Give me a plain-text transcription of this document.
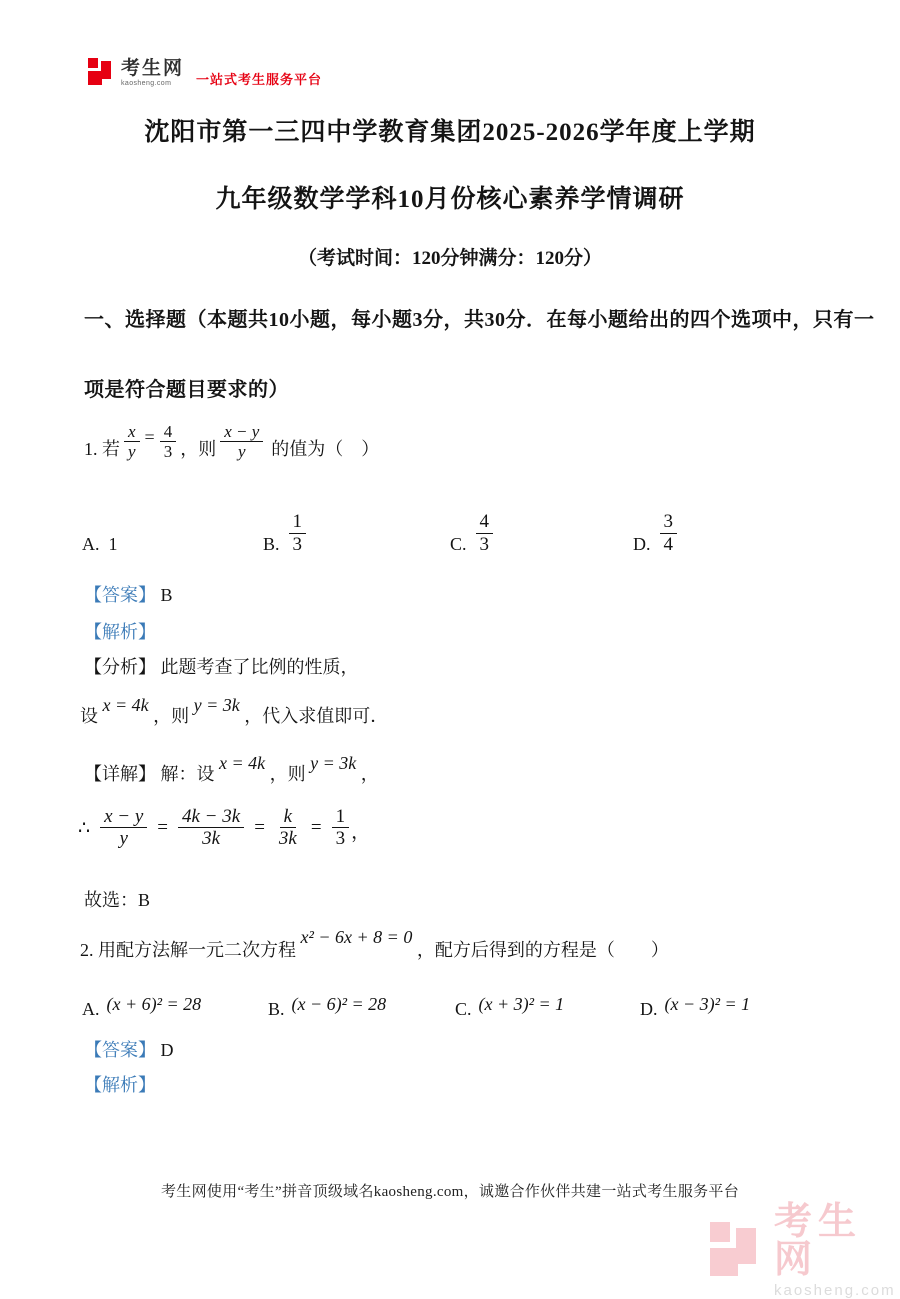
考生网
kaosheng.com	一站式考生服务平台
沈阳市第一三四中学教育集团2025-2026学年度上学期
九年级数学学科10月份核心素养学情调研
（考试时间：120分钟满分：120分）
一、选择题（本题共10小题，每小题3分，共30分．在每小题给出的四个选项中，只有一
项是符合题目要求的）
1. 若 $\frac{x}{y} = \frac{4}{3}$ ，则 $\frac{x - y}{y}$ 的值为（　）
A. 1	B. $\frac{1}{3}$	C. $\frac{4}{3}$	D. $\frac{3}{4}$
【答案】 B
【解析】
【分析】 此题考查了比例的性质，
设 x = 4k ，则 y = 3k ，代入求值即可．
【详解】 解：设 x = 4k ，则 y = 3k ，
∴ $\frac{x - y}{y} = \frac{4k - 3k}{3k} = \frac{k}{3k} = \frac{1}{3}$ ，
故选：B
2. 用配方法解一元二次方程 x² − 6x + 8 = 0 ，配方后得到的方程是（　　）
A. (x + 6)² = 28	B. (x − 6)² = 28	C. (x + 3)² = 1	D. (x − 3)² = 1
【答案】 D
【解析】
考生网使用“考生”拼音顶级域名kaosheng.com，诚邀合作伙伴共建一站式考生服务平台
考生网
kaosheng.com
